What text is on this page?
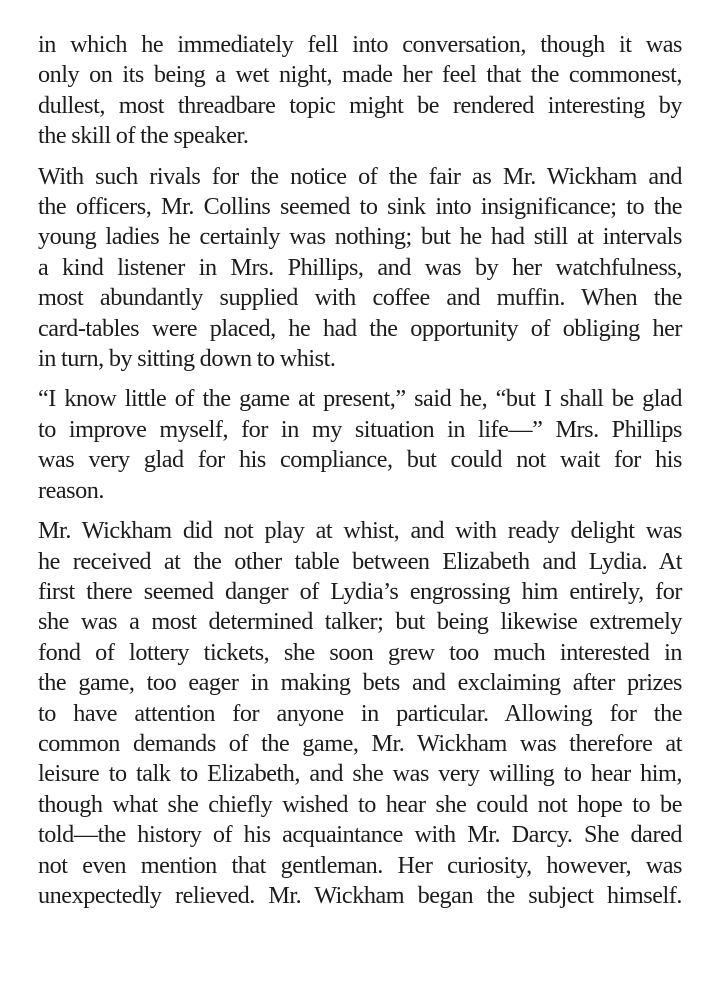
in which he immediately fell into conversation, though it was
only on its being a wet night, made her feel that the commonest,
dullest, most threadbare topic might be rendered interesting by
the skill of the speaker.
With such rivals for the notice of the fair as Mr. Wickham and
the officers, Mr. Collins seemed to sink into insignificance; to the
young ladies he certainly was nothing; but he had still at intervals
a kind listener in Mrs. Phillips, and was by her watchfulness,
most abundantly supplied with coffee and muffin. When the
card-tables were placed, he had the opportunity of obliging her
in turn, by sitting down to whist.
“I know little of the game at present,” said he, “but I shall be glad
to improve myself, for in my situation in life—” Mrs. Phillips
was very glad for his compliance, but could not wait for his
reason.
Mr. Wickham did not play at whist, and with ready delight was
he received at the other table between Elizabeth and Lydia. At
first there seemed danger of Lydia’s engrossing him entirely, for
she was a most determined talker; but being likewise extremely
fond of lottery tickets, she soon grew too much interested in
the game, too eager in making bets and exclaiming after prizes
to have attention for anyone in particular. Allowing for the
common demands of the game, Mr. Wickham was therefore at
leisure to talk to Elizabeth, and she was very willing to hear him,
though what she chiefly wished to hear she could not hope to be
told—the history of his acquaintance with Mr. Darcy. She dared
not even mention that gentleman. Her curiosity, however, was
unexpectedly relieved. Mr. Wickham began the subject himself.
